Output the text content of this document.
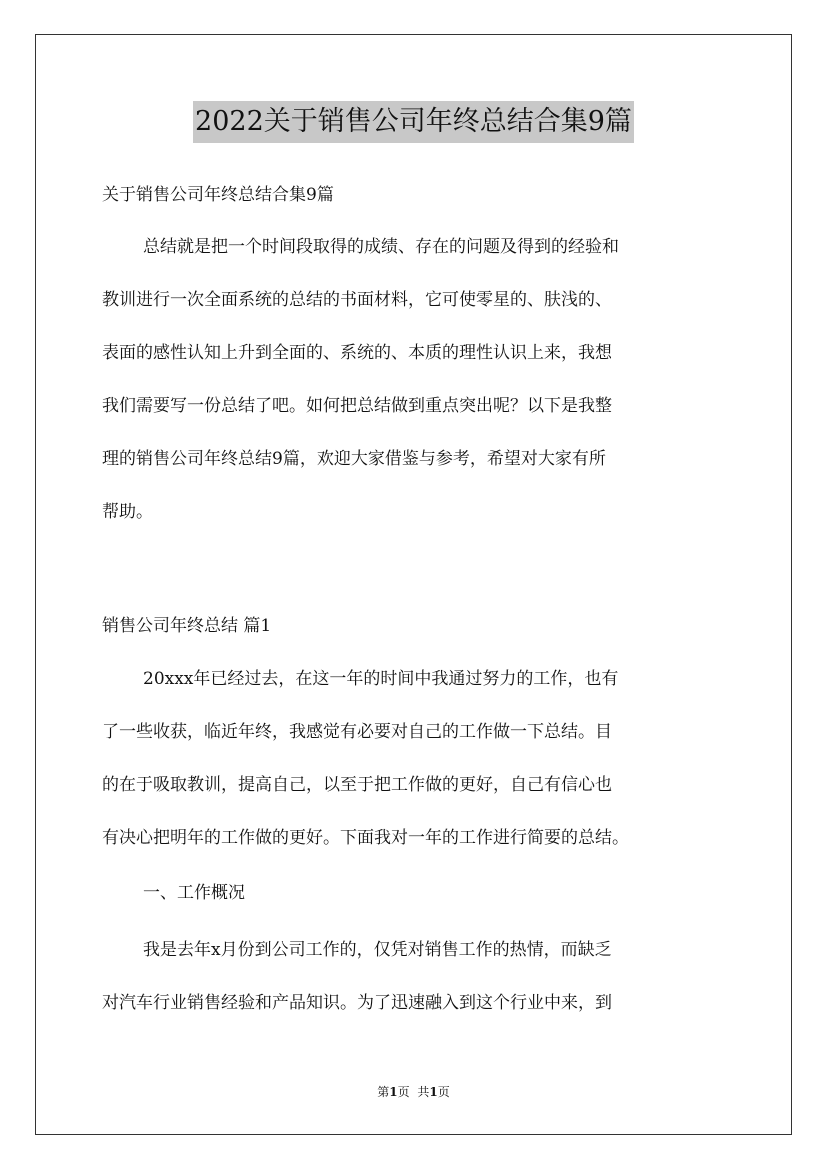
2022关于销售公司年终总结合集9篇

关于销售公司年终总结合集9篇

总结就是把一个时间段取得的成绩、存在的问题及得到的经验和

教训进行一次全面系统的总结的书面材料，它可使零星的、肤浅的、

表面的感性认知上升到全面的、系统的、本质的理性认识上来，我想

我们需要写一份总结了吧。如何把总结做到重点突出呢？以下是我整

理的销售公司年终总结9篇，欢迎大家借鉴与参考，希望对大家有所

帮助。

销售公司年终总结 篇1

20xxx年已经过去，在这一年的时间中我通过努力的工作，也有

了一些收获，临近年终，我感觉有必要对自己的工作做一下总结。目

的在于吸取教训，提高自己，以至于把工作做的更好，自己有信心也

有决心把明年的工作做的更好。下面我对一年的工作进行简要的总结。

一、工作概况

我是去年x月份到公司工作的，仅凭对销售工作的热情，而缺乏

对汽车行业销售经验和产品知识。为了迅速融入到这个行业中来，到

第1页 共1页
